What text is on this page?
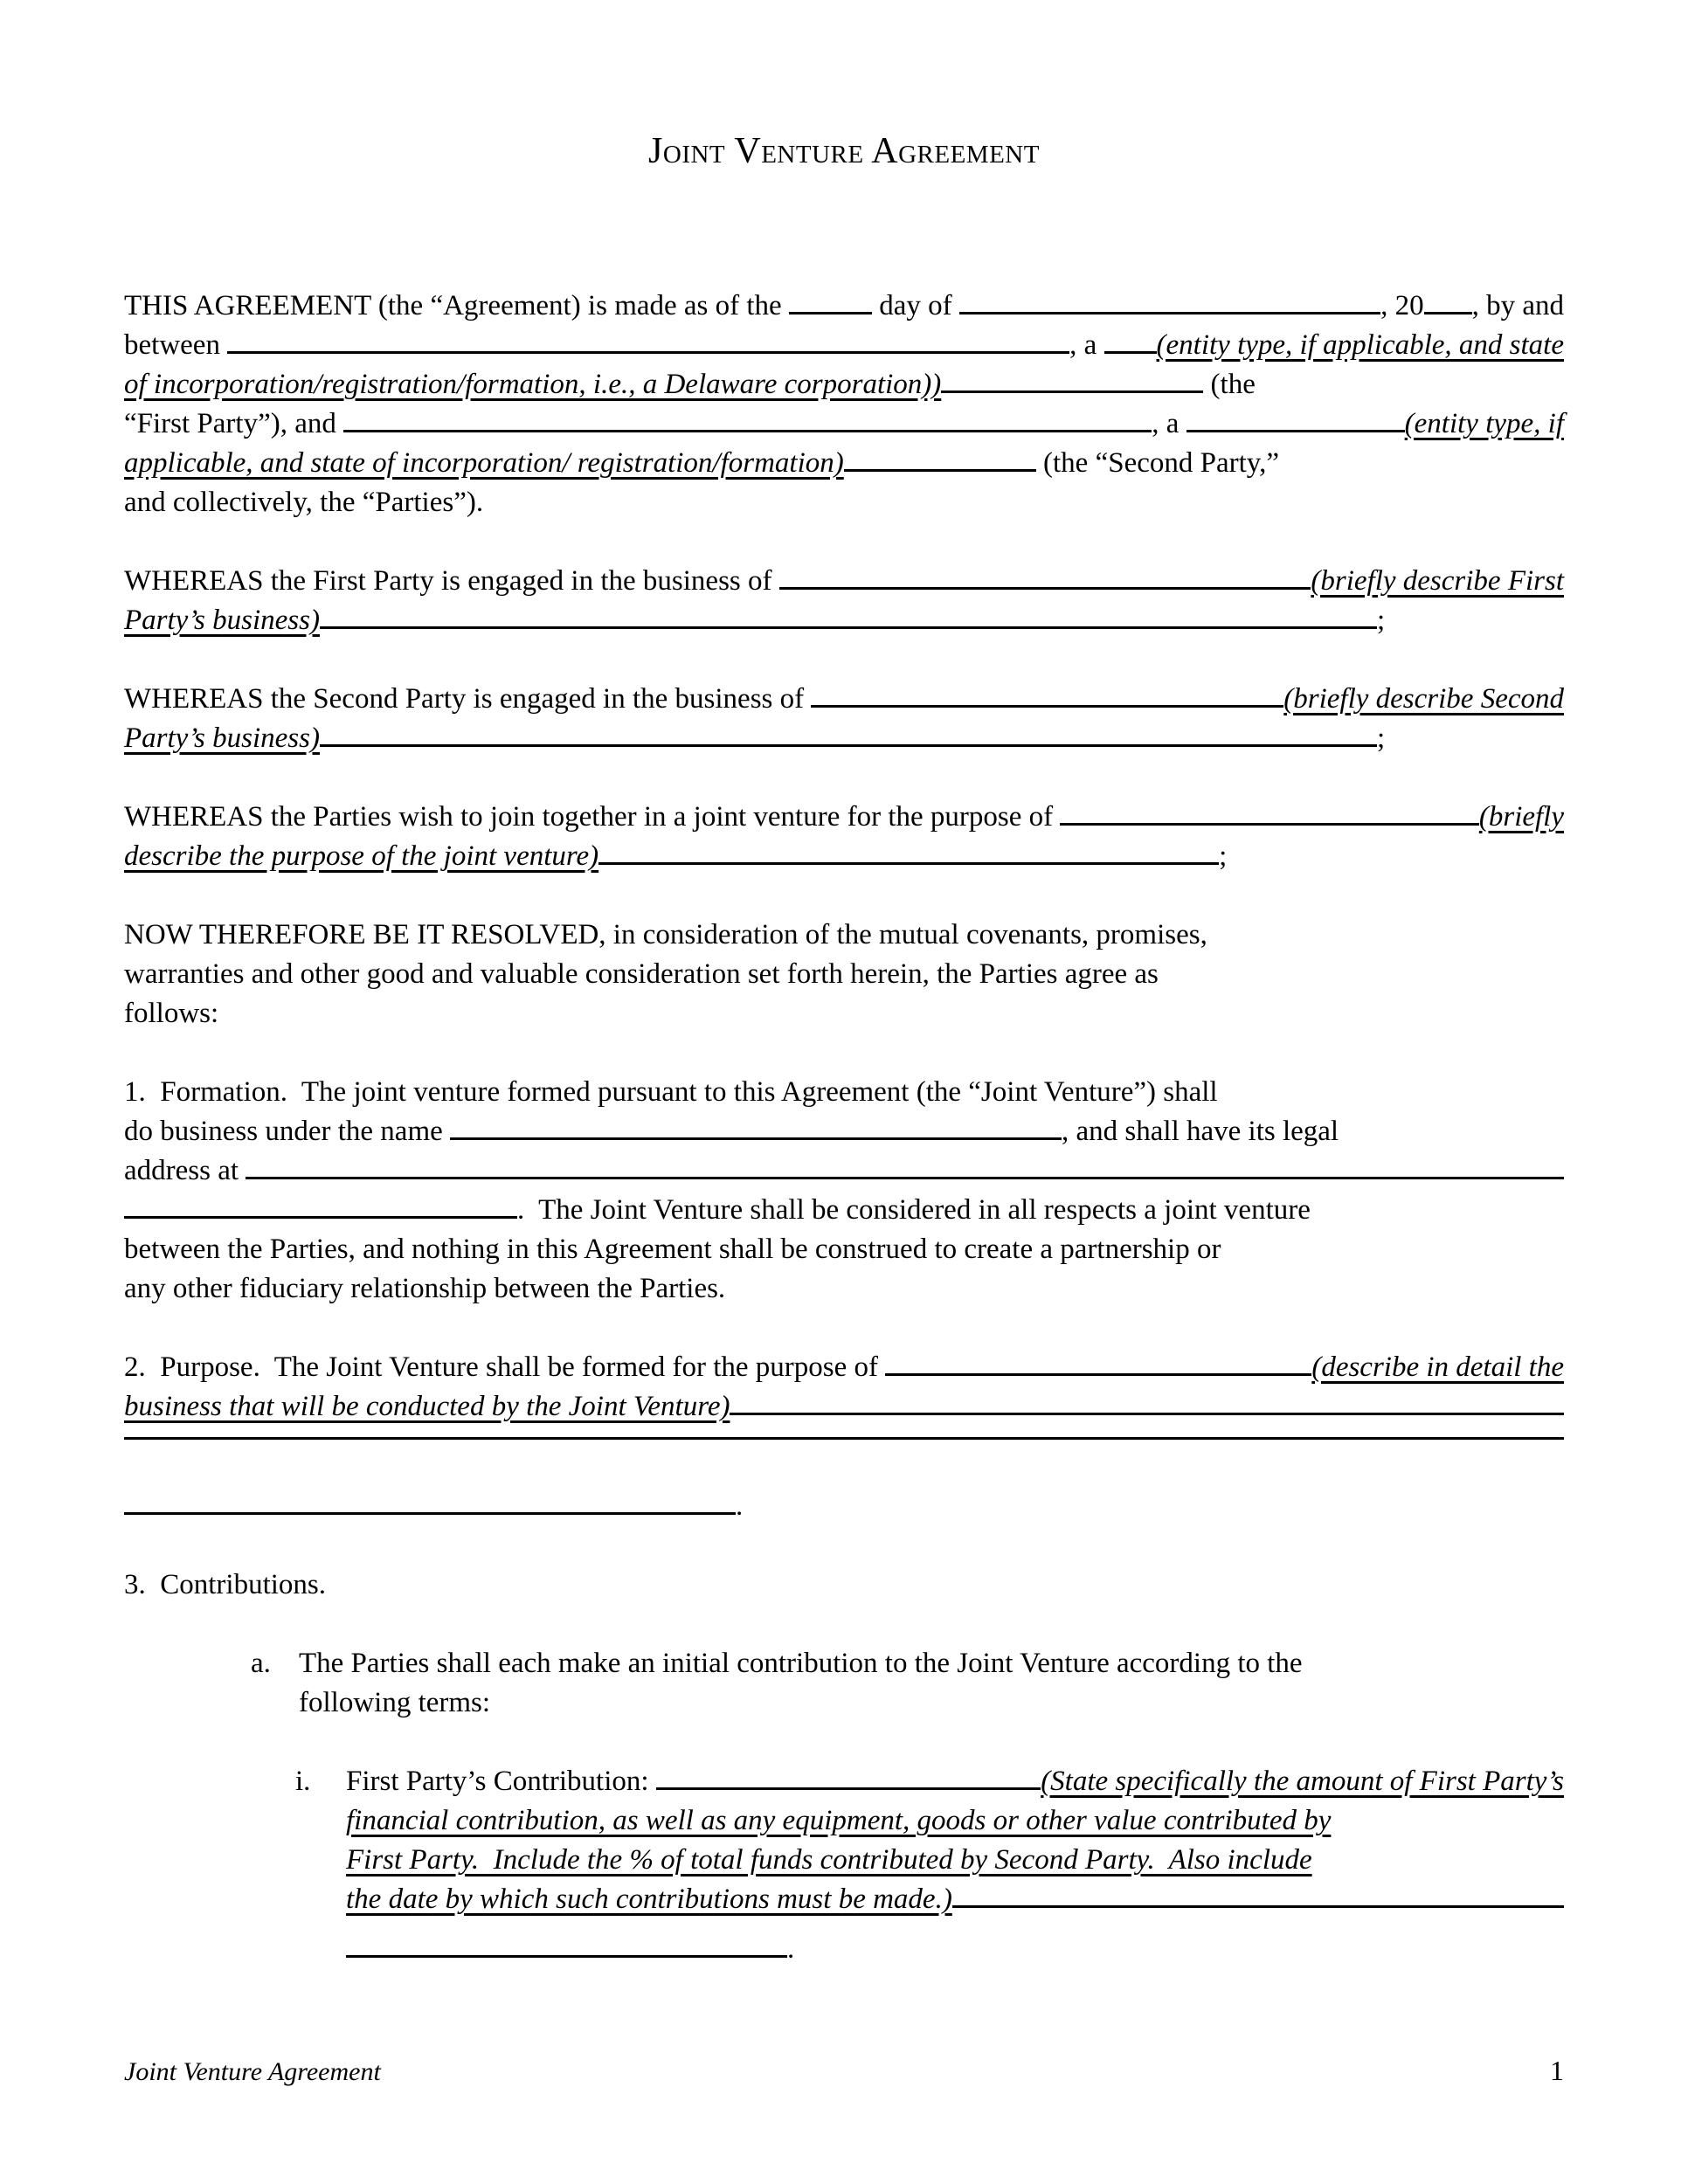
Joint Venture Agreement
THIS AGREEMENT (the “Agreement) is made as of the	day of	, 20 , by and
between	, a (entity type, if applicable, and state
of incorporation/registration/formation, i.e., a Delaware corporation))	(the
“First Party”), and	, a	(entity type, if
applicable, and state of incorporation/ registration/formation)	(the “Second Party,”
and collectively, the “Parties”).
WHEREAS the First Party is engaged in the business of	(briefly describe First
Party’s business)	;
WHEREAS the Second Party is engaged in the business of	(briefly describe Second
Party’s business)	;
WHEREAS the Parties wish to join together in a joint venture for the purpose of	(briefly
describe the purpose of the joint venture)	;
NOW THEREFORE BE IT RESOLVED, in consideration of the mutual covenants, promises,
warranties and other good and valuable consideration set forth herein, the Parties agree as
follows:
1.  Formation.  The joint venture formed pursuant to this Agreement (the “Joint Venture”) shall
do business under the name	, and shall have its legal
address at
.  The Joint Venture shall be considered in all respects a joint venture
between the Parties, and nothing in this Agreement shall be construed to create a partnership or
any other fiduciary relationship between the Parties.
2.  Purpose.  The Joint Venture shall be formed for the purpose of	(describe in detail the
business that will be conducted by the Joint Venture)
.
3.  Contributions.
a. The Parties shall each make an initial contribution to the Joint Venture according to the
following terms:
i.	First Party’s Contribution:	(State specifically the amount of First Party’s
financial contribution, as well as any equipment, goods or other value contributed by
First Party.  Include the % of total funds contributed by Second Party.  Also include
the date by which such contributions must be made.)
.
Joint Venture Agreement	1
